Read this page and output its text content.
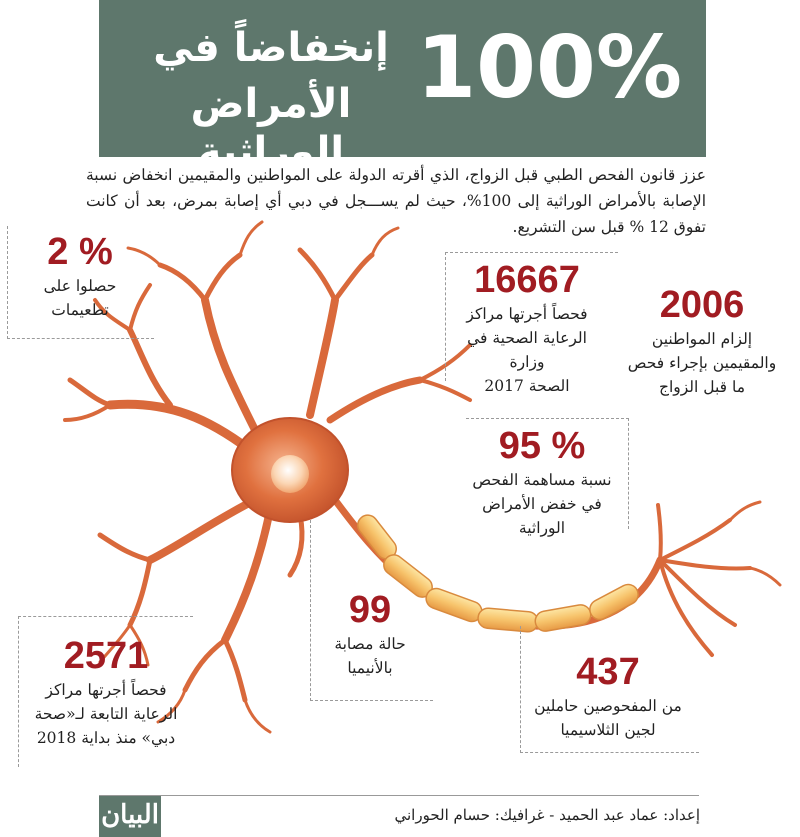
100%
إنخفاضاً في
الأمراض الوراثية
عزز قانون الفحص الطبي قبل الزواج، الذي أقرته الدولة على المواطنين والمقيمين انخفاض نسبة الإصابة بالأمراض الوراثية إلى 100%، حيث لم يســـجل في دبي أي إصابة بمرض، بعد أن كانت تفوق 12 % قبل سن التشريع.
2 %
حصلوا على
تطعيمات
16667
فحصاً أجرتها مراكز
الرعاية الصحية في وزارة
الصحة 2017
2006
إلزام المواطنين
والمقيمين بإجراء فحص
ما قبل الزواج
95 %
نسبة مساهمة الفحص
في خفض الأمراض
الوراثية
99
حالة مصابة
بالأنيميا
2571
فحصاً أجرتها مراكز
الرعاية التابعة لـ«صحة
دبي» منذ بداية 2018
437
من المفحوصين حاملين
لجين الثلاسيميا
البيان	إعداد: عماد عبد الحميد - غرافيك: حسام الحوراني
